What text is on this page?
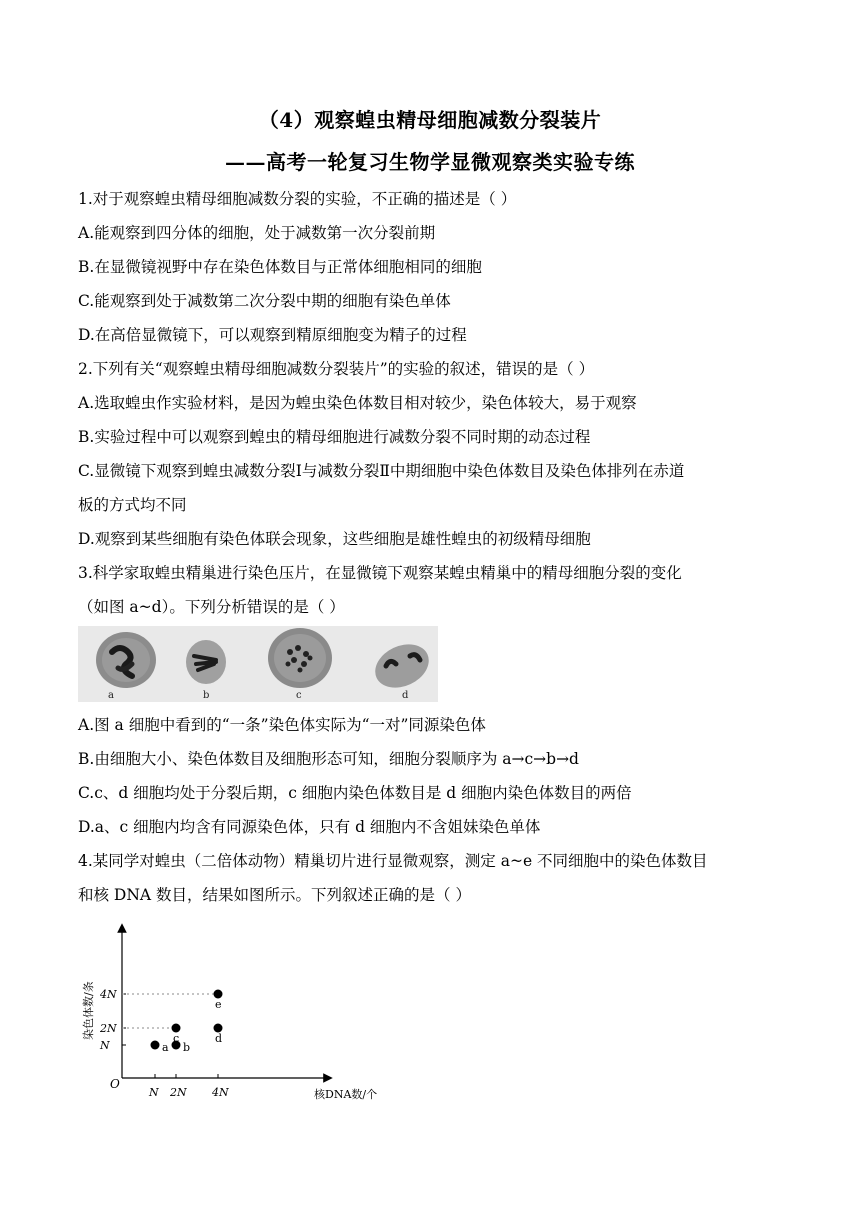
（4）观察蝗虫精母细胞减数分裂装片
——高考一轮复习生物学显微观察类实验专练
1.对于观察蝗虫精母细胞减数分裂的实验，不正确的描述是（ ）
A.能观察到四分体的细胞，处于减数第一次分裂前期
B.在显微镜视野中存在染色体数目与正常体细胞相同的细胞
C.能观察到处于减数第二次分裂中期的细胞有染色单体
D.在高倍显微镜下，可以观察到精原细胞变为精子的过程
2.下列有关“观察蝗虫精母细胞减数分裂装片”的实验的叙述，错误的是（ ）
A.选取蝗虫作实验材料，是因为蝗虫染色体数目相对较少，染色体较大，易于观察
B.实验过程中可以观察到蝗虫的精母细胞进行减数分裂不同时期的动态过程
C.显微镜下观察到蝗虫减数分裂Ⅰ与减数分裂Ⅱ中期细胞中染色体数目及染色体排列在赤道
板的方式均不同
D.观察到某些细胞有染色体联会现象，这些细胞是雄性蝗虫的初级精母细胞
3.科学家取蝗虫精巢进行染色压片，在显微镜下观察某蝗虫精巢中的精母细胞分裂的变化
（如图 a~d）。下列分析错误的是（ ）
a	b	c	d
A.图 a 细胞中看到的“一条”染色体实际为“一对”同源染色体
B.由细胞大小、染色体数目及细胞形态可知，细胞分裂顺序为 a→c→b→d
C.c、d 细胞均处于分裂后期，c 细胞内染色体数目是 d 细胞内染色体数目的两倍
D.a、c 细胞内均含有同源染色体，只有 d 细胞内不含姐妹染色单体
4.某同学对蝗虫（二倍体动物）精巢切片进行显微观察，测定 a~e 不同细胞中的染色体数目
和核 DNA 数目，结果如图所示。下列叙述正确的是（ ）
O
核DNA数/个
染色体数/条
N 2N 4N
N
2N
4N
a b
c	d
e
